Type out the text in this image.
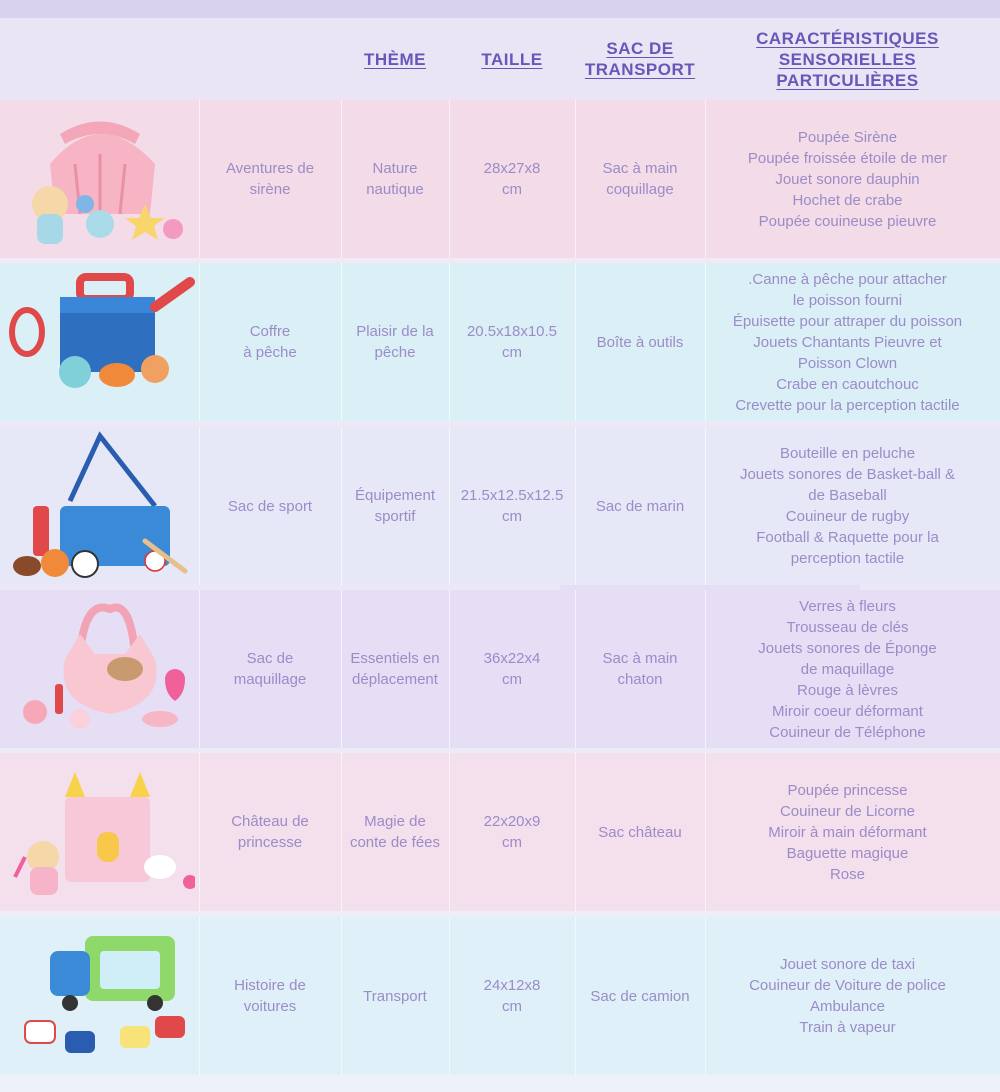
THÈME	TAILLE
SAC DE
TRANSPORT
CARACTÉRISTIQUES
SENSORIELLES
PARTICULIÈRES
Aventures de
sirène
Nature
nautique
28x27x8
cm
Sac à main
coquillage
Poupée Sirène
Poupée froissée étoile de mer
Jouet sonore dauphin
Hochet de crabe
Poupée couineuse pieuvre
Coffre
à pêche
Plaisir de la
pêche
20.5x18x10.5
cm
Boîte à outils
.Canne à pêche pour attacher
le poisson fourni
Épuisette pour attraper du poisson
Jouets Chantants Pieuvre et
Poisson Clown
Crabe en caoutchouc
Crevette pour la perception tactile
Sac de sport
Équipement
sportif
21.5x12.5x12.5
cm
Sac de marin
Bouteille en peluche
Jouets sonores de Basket-ball &
de Baseball
Couineur de rugby
Football & Raquette pour la
perception tactile
Sac de
maquillage
Essentiels en
déplacement
36x22x4
cm
Sac à main
chaton
Verres à fleurs
Trousseau de clés
Jouets sonores de Éponge
de maquillage
Rouge à lèvres
Miroir coeur déformant
Couineur de Téléphone
Château de
princesse
Magie de
conte de fées
22x20x9
cm
Sac château
Poupée princesse
Couineur de Licorne
Miroir à main déformant
Baguette magique
Rose
Histoire de
voitures
Transport
24x12x8
cm
Sac de camion
Jouet sonore de taxi
Couineur de Voiture de police
Ambulance
Train à vapeur
